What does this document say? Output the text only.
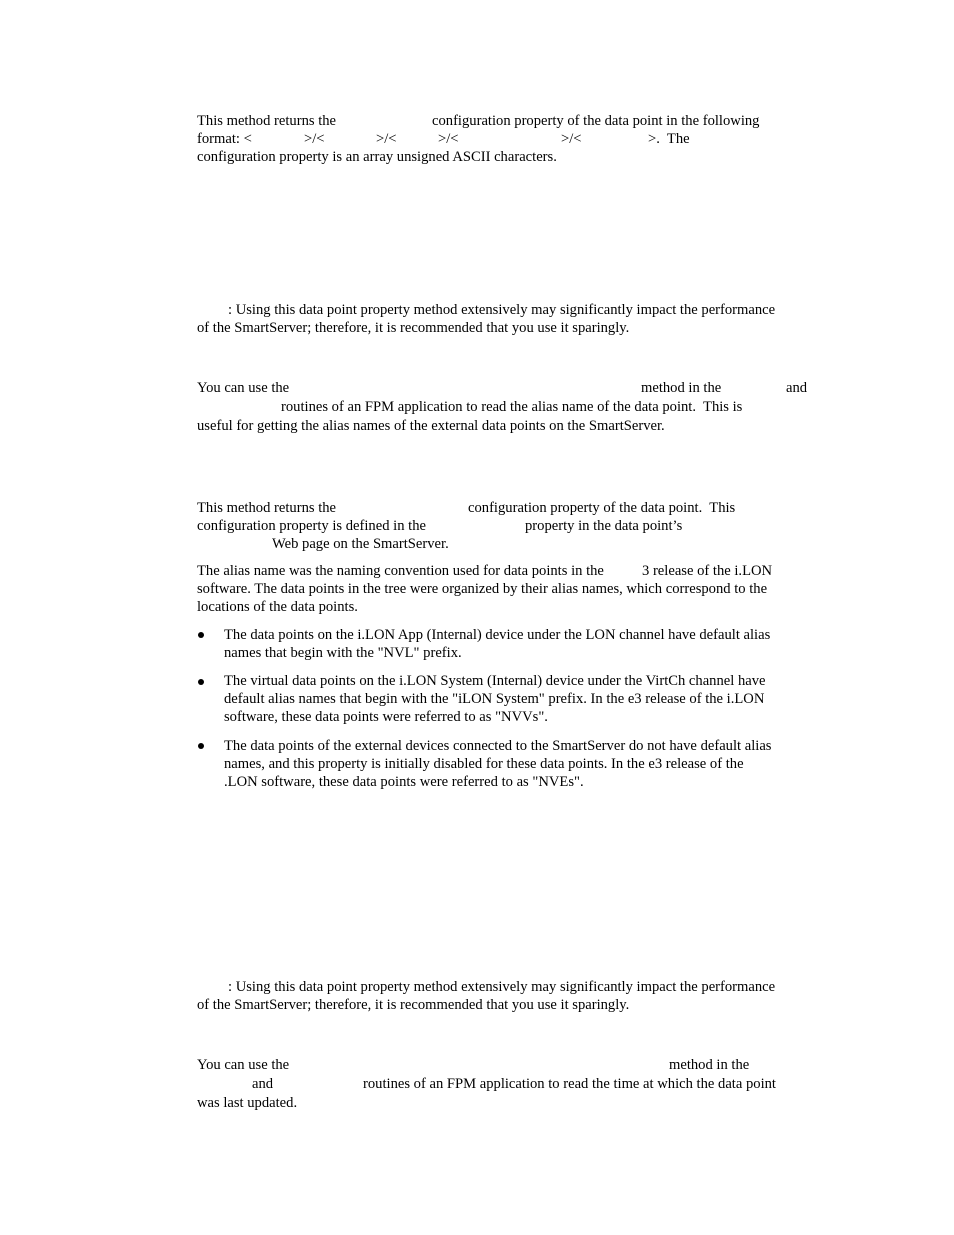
This method returns the	configuration property of the data point in the following

format: <	>/<	>/<	>/<	>/<	>.  The

configuration property is an array unsigned ASCII characters.

: Using this data point property method extensively may significantly impact the performance

of the SmartServer; therefore, it is recommended that you use it sparingly.

You can use the	method in the	and

routines of an FPM application to read the alias name of the data point.  This is

useful for getting the alias names of the external data points on the SmartServer.

This method returns the	configuration property of the data point.  This

configuration property is defined in the	property in the data point’s

Web page on the SmartServer.

The alias name was the naming convention used for data points in the	3 release of the i.LON

software. The data points in the tree were organized by their alias names, which correspond to the

locations of the data points.

The data points on the i.LON App (Internal) device under the LON channel have default alias

names that begin with the "NVL" prefix.

The virtual data points on the i.LON System (Internal) device under the VirtCh channel have

default alias names that begin with the "iLON System" prefix. In the e3 release of the i.LON

software, these data points were referred to as "NVVs".

The data points of the external devices connected to the SmartServer do not have default alias

names, and this property is initially disabled for these data points. In the e3 release of the

.LON software, these data points were referred to as "NVEs".

: Using this data point property method extensively may significantly impact the performance

of the SmartServer; therefore, it is recommended that you use it sparingly.

You can use the	method in the

and	routines of an FPM application to read the time at which the data point

was last updated.
